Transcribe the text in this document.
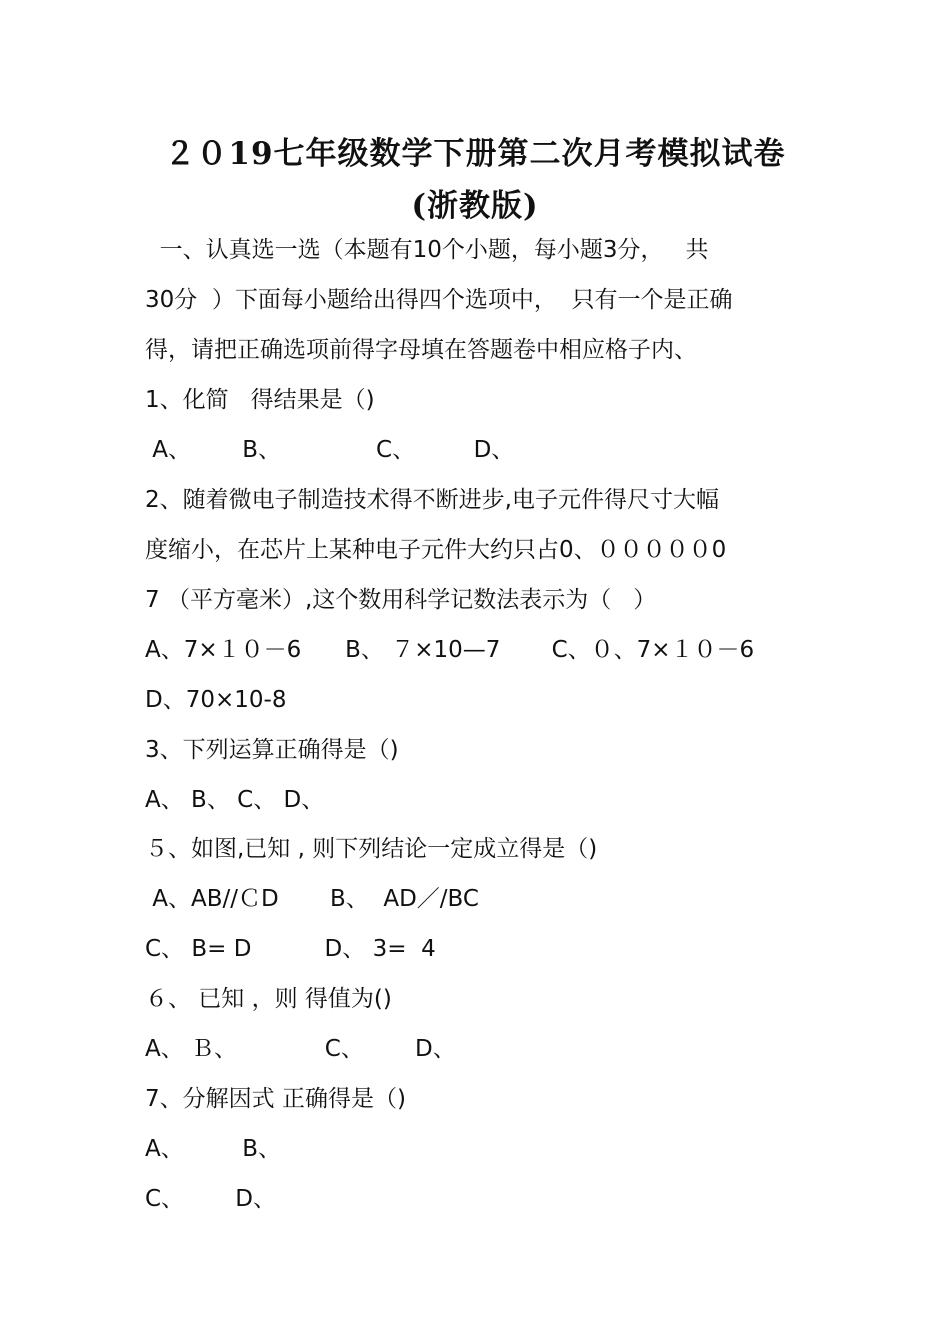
２０19七年级数学下册第二次月考模拟试卷
(浙教版)
一、认真选一选（本题有10个小题，每小题3分，   共
30分  ）下面每小题给出得四个选项中，  只有一个是正确
得，请把正确选项前得字母填在答题卷中相应格子内、
1、化简   得结果是（)
A、       B、             C、        D、
2、随着微电子制造技术得不断进步,电子元件得尺寸大幅
度缩小，在芯片上某种电子元件大约只占0、０００００0
7 （平方毫米）,这个数用科学记数法表示为（   ）
A、7×１０－6      B、 ７×10—7       C、０、7×１０－6
D、70×10-8
3、下列运算正确得是（)
A、 B、 C、 D、
５、如图,已知 , 则下列结论一定成立得是（)
A、AB//ＣD       B、  AD／/BC
C、 B= D          D、 3=  4
６、 已知 ，则 得值为()
A、 Ｂ、            C、       D、
7、分解因式 正确得是（)
A、        B、
C、       D、
